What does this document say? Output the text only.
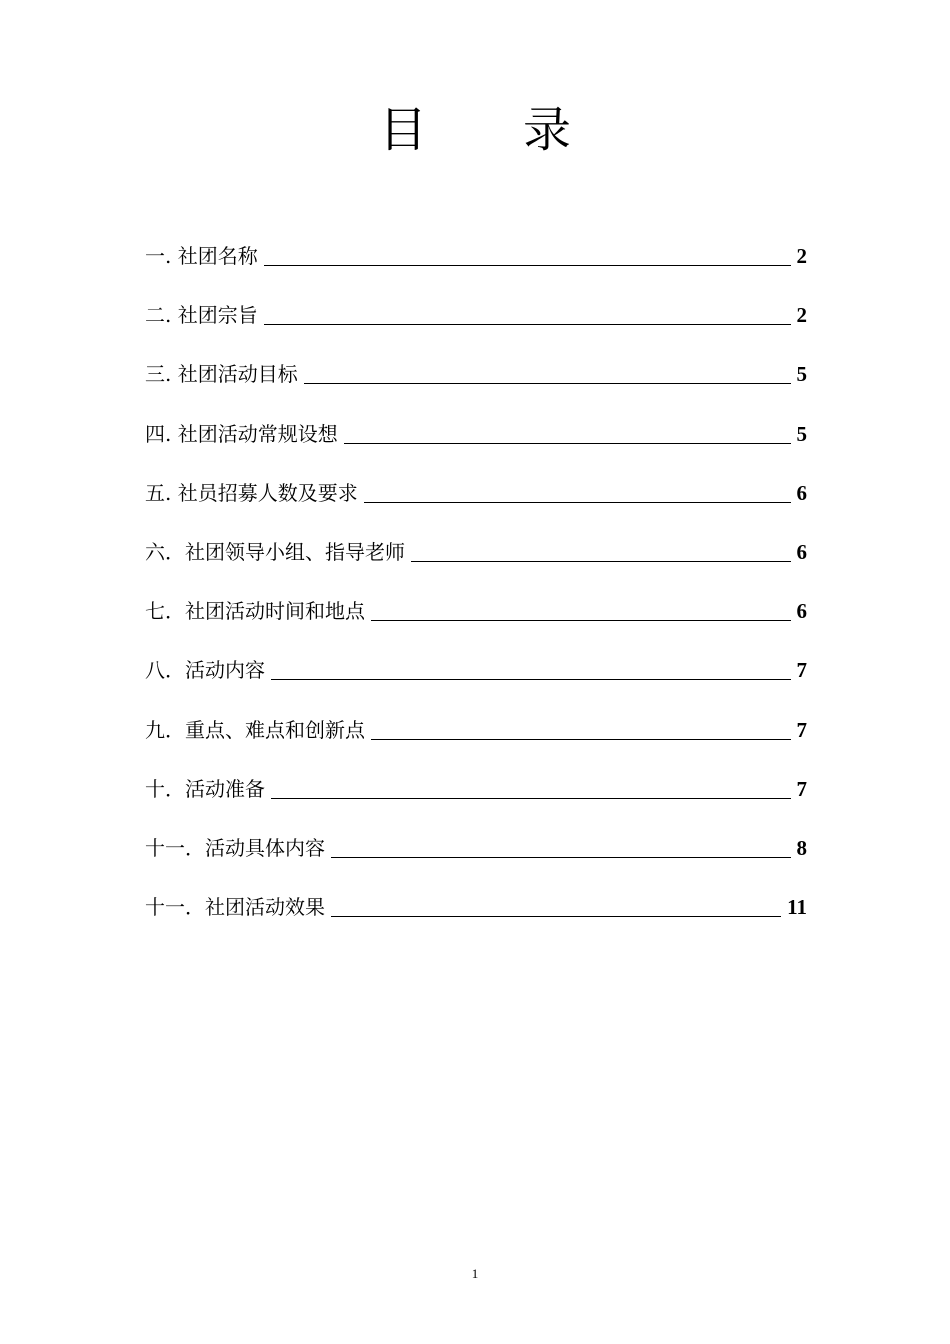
目　　录
一. 社团名称	2
二. 社团宗旨	2
三. 社团活动目标	5
四. 社团活动常规设想	5
五. 社员招募人数及要求	6
六．社团领导小组、指导老师	6
七．社团活动时间和地点	6
八．活动内容	7
九．重点、难点和创新点	7
十．活动准备	7
十一．活动具体内容	8
十一．社团活动效果	11
1
